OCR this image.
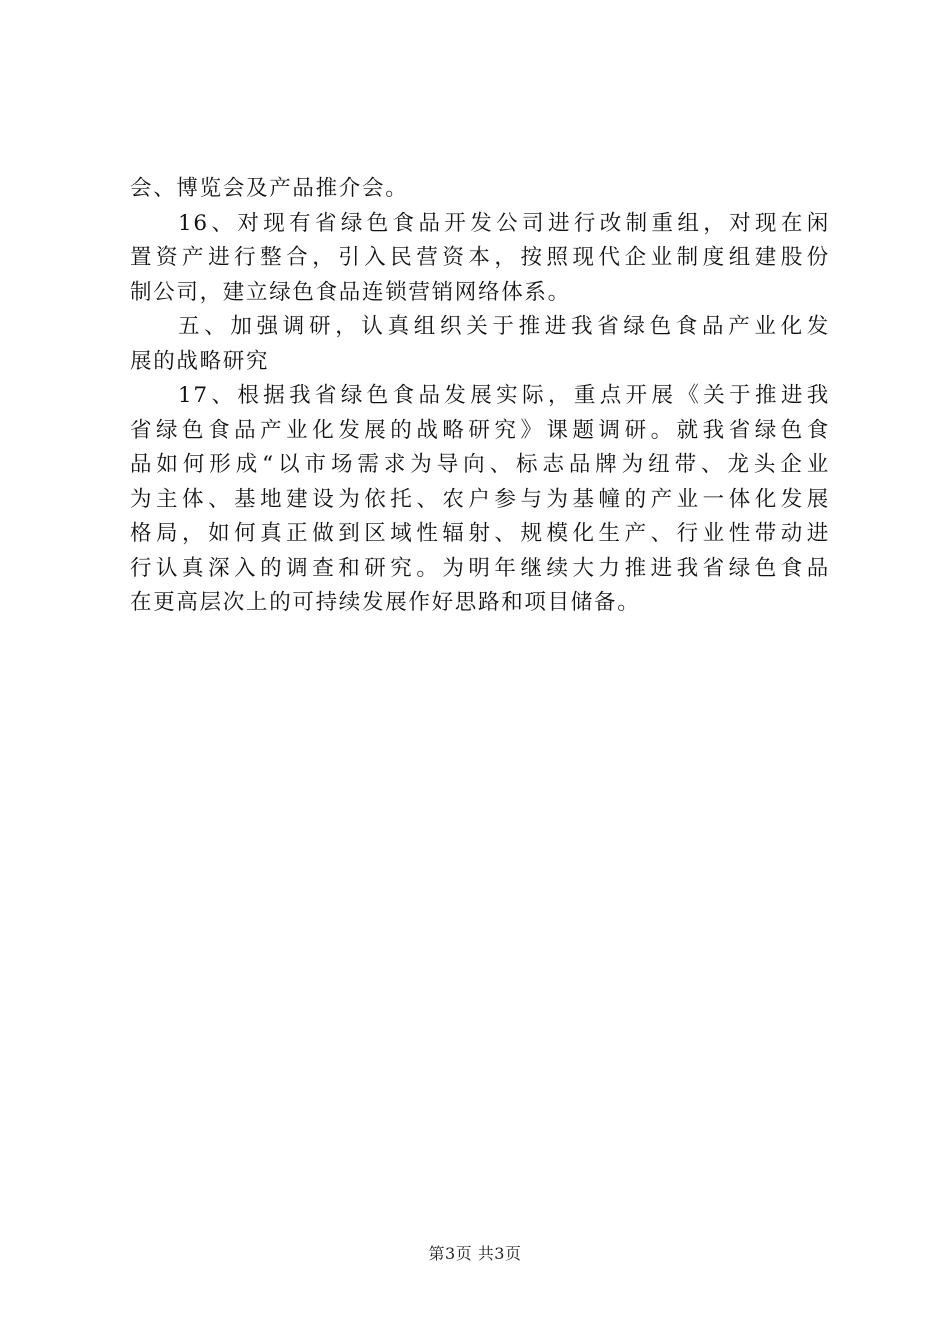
会、博览会及产品推介会。
16、对现有省绿色食品开发公司进行改制重组，对现在闲
置资产进行整合，引入民营资本，按照现代企业制度组建股份
制公司，建立绿色食品连锁营销网络体系。
五、加强调研，认真组织关于推进我省绿色食品产业化发
展的战略研究
17、根据我省绿色食品发展实际，重点开展《关于推进我
省绿色食品产业化发展的战略研究》课题调研。就我省绿色食
品如何形成“以市场需求为导向、标志品牌为纽带、龙头企业
为主体、基地建设为依托、农户参与为基幢的产业一体化发展
格局，如何真正做到区域性辐射、规模化生产、行业性带动进
行认真深入的调查和研究。为明年继续大力推进我省绿色食品
在更高层次上的可持续发展作好思路和项目储备。
第3页 共3页
